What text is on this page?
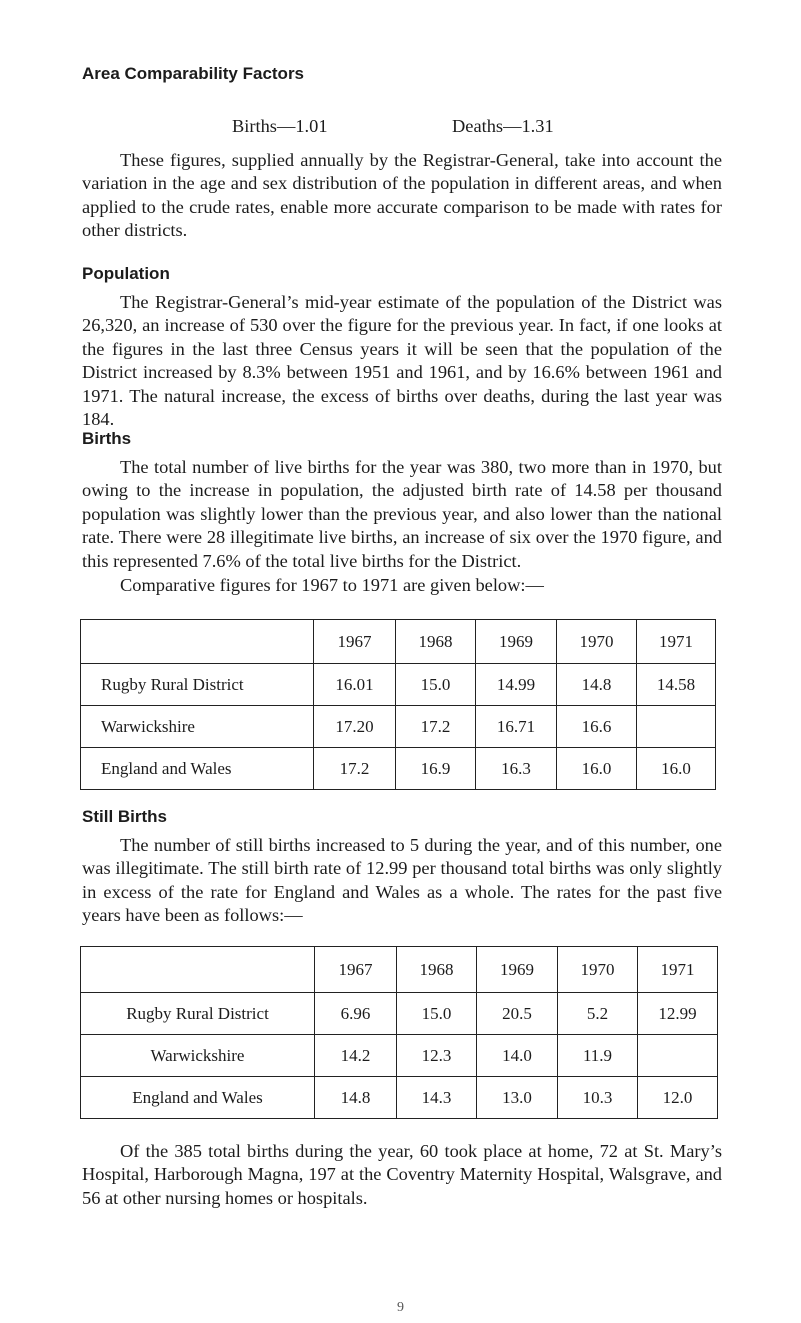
Area Comparability Factors
Births—1.01	Deaths—1.31

These figures, supplied annually by the Registrar-General, take into account the variation in the age and sex distribution of the population in different areas, and when applied to the crude rates, enable more accurate comparison to be made with rates for other districts.

Population

The Registrar-General’s mid-year estimate of the population of the District was 26,320, an increase of 530 over the figure for the previous year. In fact, if one looks at the figures in the last three Census years it will be seen that the population of the District increased by 8.3% between 1951 and 1961, and by 16.6% between 1961 and 1971. The natural increase, the excess of births over deaths, during the last year was 184.

Births

The total number of live births for the year was 380, two more than in 1970, but owing to the increase in population, the adjusted birth rate of 14.58 per thousand population was slightly lower than the previous year, and also lower than the national rate. There were 28 illegitimate live births, an increase of six over the 1970 figure, and this represented 7.6% of the total live births for the District.

Comparative figures for 1967 to 1971 are given below:—

	1967	1968	1969	1970	1971
Rugby Rural District	16.01	15.0	14.99	14.8	14.58
Warwickshire	17.20	17.2	16.71	16.6	
England and Wales	17.2	16.9	16.3	16.0	16.0
Still Births

The number of still births increased to 5 during the year, and of this number, one was illegitimate. The still birth rate of 12.99 per thousand total births was only slightly in excess of the rate for England and Wales as a whole. The rates for the past five years have been as follows:—

	1967	1968	1969	1970	1971
Rugby Rural District	6.96	15.0	20.5	5.2	12.99
Warwickshire	14.2	12.3	14.0	11.9	
England and Wales	14.8	14.3	13.0	10.3	12.0

Of the 385 total births during the year, 60 took place at home, 72 at St. Mary’s Hospital, Harborough Magna, 197 at the Coventry Maternity Hospital, Walsgrave, and 56 at other nursing homes or hospitals.

9
